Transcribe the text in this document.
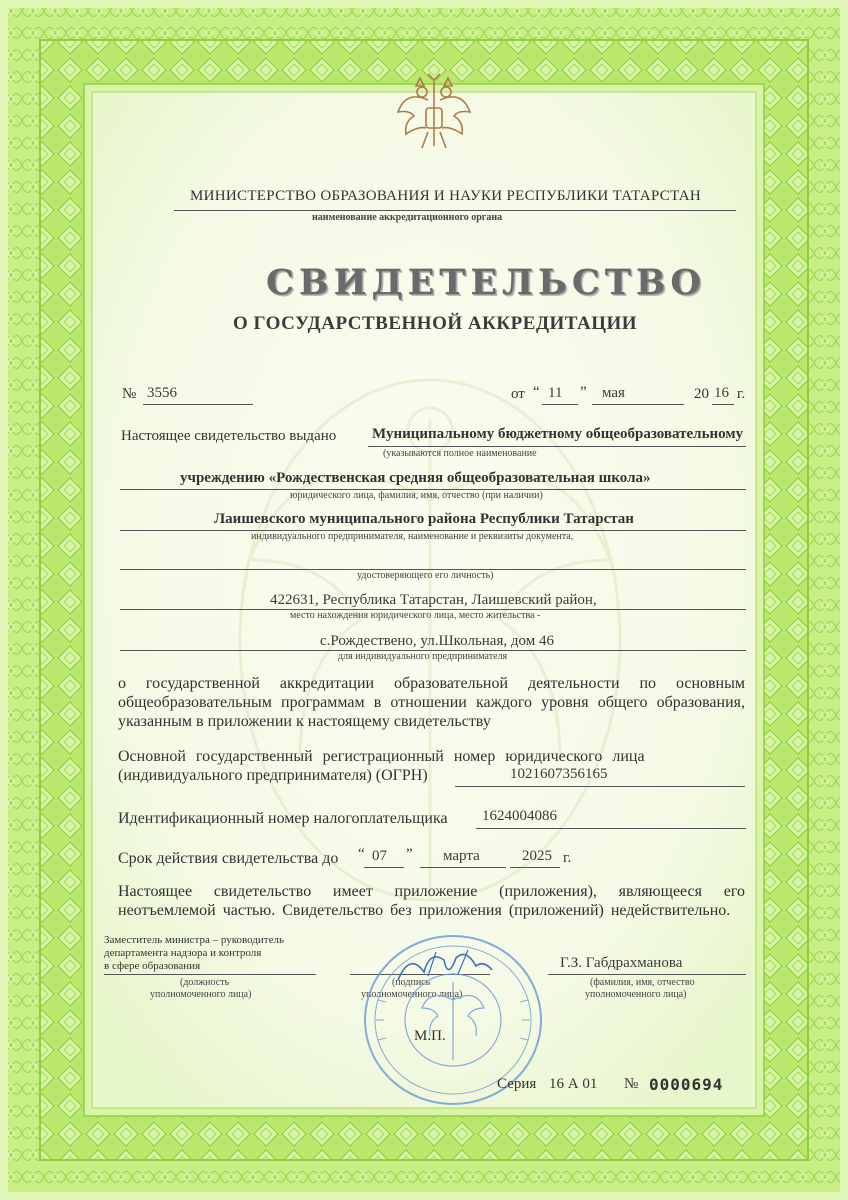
МИНИСТЕРСТВО ОБРАЗОВАНИЯ И НАУКИ РЕСПУБЛИКИ ТАТАРСТАН
наименование аккредитационного органа
СВИДЕТЕЛЬСТВО
О ГОСУДАРСТВЕННОЙ АККРЕДИТАЦИИ
№ 3556	от “ 11 ” мая	20 16 г.
Настоящее свидетельство выдано Муниципальному бюджетному общеобразовательному
(указываются полное наименование
учреждению «Рождественская средняя общеобразовательная школа»
юридического лица, фамилия, имя, отчество (при наличии)
Лаишевского муниципального района Республики Татарстан
индивидуального предпринимателя, наименование и реквизиты документа,
удостоверяющего его личность)
422631, Республика Татарстан, Лаишевский район,
место нахождения юридического лица, место жительства -
с.Рождествено, ул.Школьная, дом 46
для индивидуального предпринимателя
о государственной аккредитации образовательной деятельности по основным общеобразовательным программам в отношении каждого уровня общего образования, указанным в приложении к настоящему свидетельству
Основной государственный регистрационный номер юридического лица
(индивидуального предпринимателя) (ОГРН)	1021607356165
Идентификационный номер налогоплательщика 1624004086
Срок действия свидетельства до “ 07 ” марта	2025 г.
Настоящее свидетельство имеет приложение (приложения), являющееся его неотъемлемой частью. Свидетельство без приложения (приложений) недействительно.
Заместитель министра – руководитель
департамента надзора и контроля
в сфере образования
(должность
уполномоченного лица)
(подпись
уполномоченного лица)
Г.З. Габдрахманова
(фамилия, имя, отчество
уполномоченного лица)
М.П.
Серия 16 А 01 № 0000694
